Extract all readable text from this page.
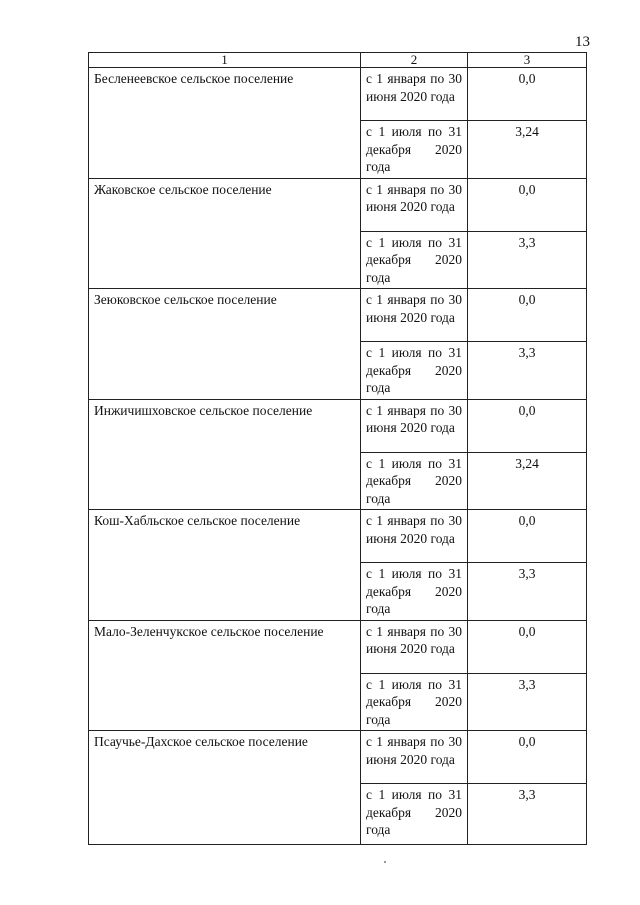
13
1	2	3
Бесленеевское сельское поселение	с 1 января по 30 июня 2020 года	0,0

	с 1 июля по 31 декабря 2020 года	3,24
Жаковское сельское поселение	с 1 января по 30 июня 2020 года	0,0

	с 1 июля по 31 декабря 2020 года	3,3
Зеюковское сельское поселение	с 1 января по 30 июня 2020 года	0,0

	с 1 июля по 31 декабря 2020 года	3,3
Инжичишховское сельское поселение	с 1 января по 30 июня 2020 года	0,0

	с 1 июля по 31 декабря 2020 года	3,24
Кош-Хабльское сельское поселение	с 1 января по 30 июня 2020 года	0,0

	с 1 июля по 31 декабря 2020 года	3,3
Мало-Зеленчукское сельское поселение	с 1 января по 30 июня 2020 года	0,0

	с 1 июля по 31 декабря 2020 года	3,3
Псаучье-Дахское сельское поселение	с 1 января по 30 июня 2020 года	0,0

	с 1 июля по 31 декабря 2020 года	3,3
